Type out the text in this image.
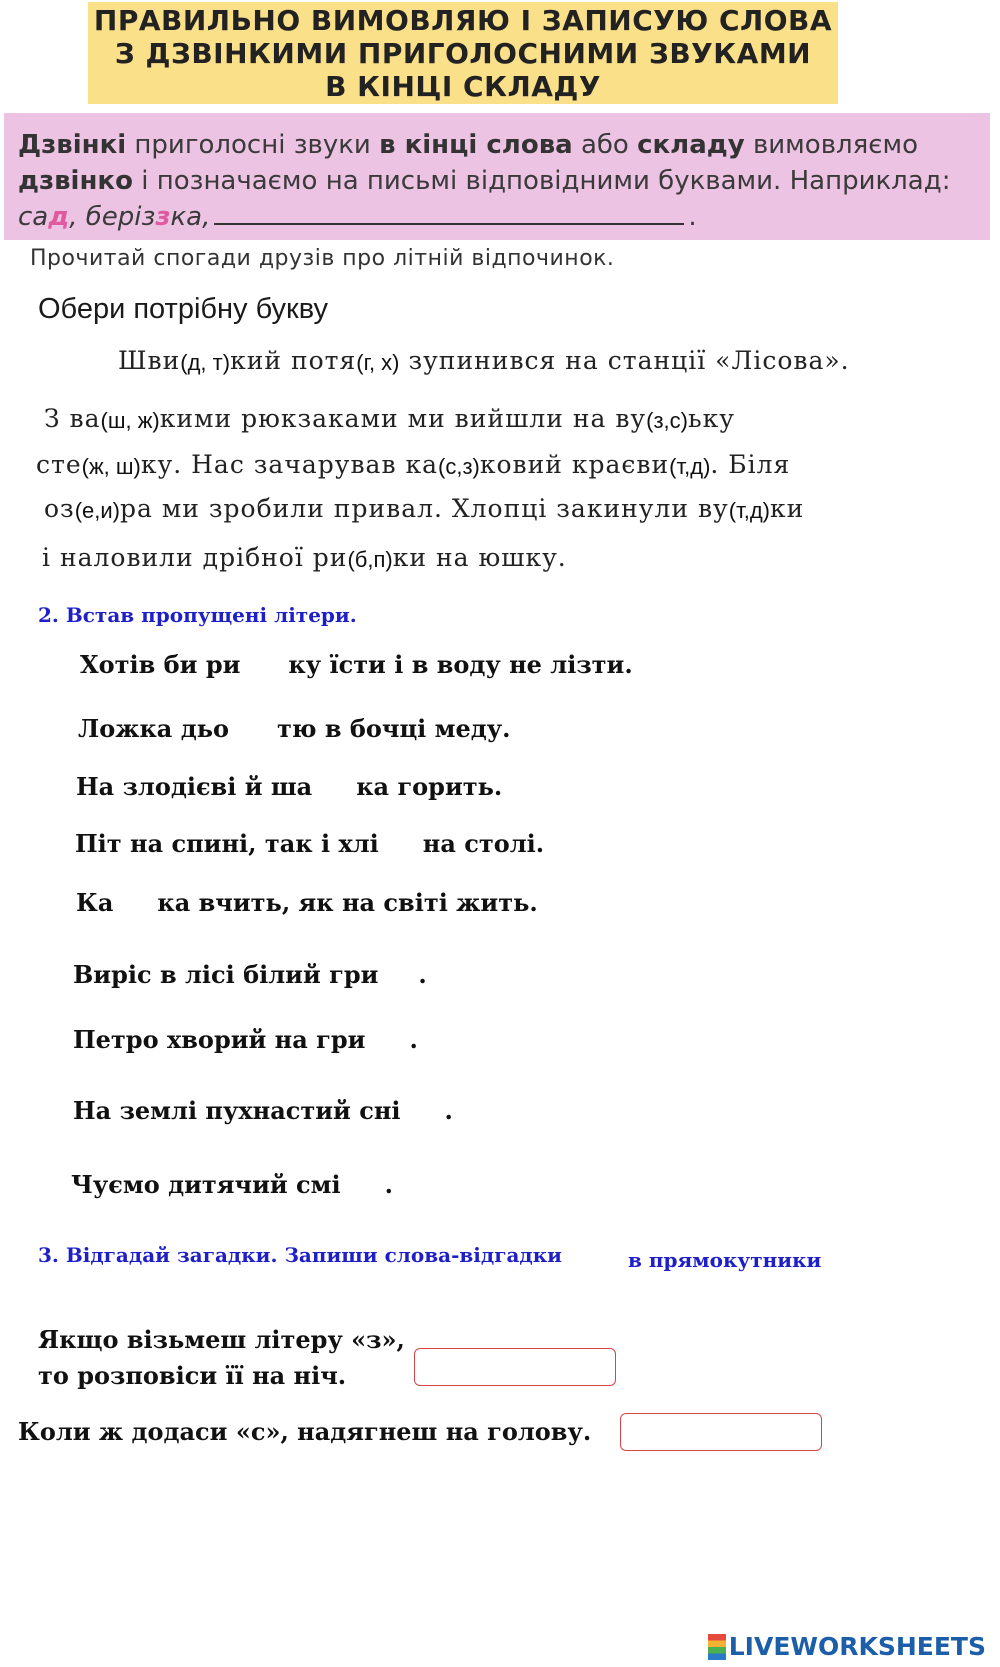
ПРАВИЛЬНО ВИМОВЛЯЮ І ЗАПИСУЮ СЛОВА
З ДЗВІНКИМИ ПРИГОЛОСНИМИ ЗВУКАМИ
В КІНЦІ СКЛАДУ

Дзвінкі приголосні звуки в кінці слова або складу вимовляємо дзвінко і позначаємо на письмі відповідними буквами. Наприклад: сад, беріззка,	.

Прочитай спогади друзів про літній відпочинок.
Обери потрібну букву
Шви(д, т)кий потя(г, х) зупинився на станції «Лісова».
З ва(ш, ж)кими рюкзаками ми вийшли на ву(з,с)ьку
сте(ж, ш)ку. Нас зачарував ка(с,з)ковий краєви(т,д). Біля
оз(е,и)ра ми зробили привал. Хлопці закинули ву(т,д)ки
і наловили дрібної ри(б,п)ки на юшку.
2. Встав пропущені літери.
Хотів би ри ку їсти і в воду не лізти.
Ложка дьо тю в бочці меду.
На злодієві й ша ка горить.
Піт на спині, так і хлі на столі.
Ка ка вчить, як на світі жить.
Виріс в лісі білий гри .
Петро хворий на гри .
На землі пухнастий сні .
Чуємо дитячий смі .
3. Відгадай загадки. Запиши слова-відгадки	в прямокутники
Якщо візьмеш літеру «з»,
то розповіси її на ніч.
Коли ж додаси «с», надягнеш на голову.
LIVEWORKSHEETS
